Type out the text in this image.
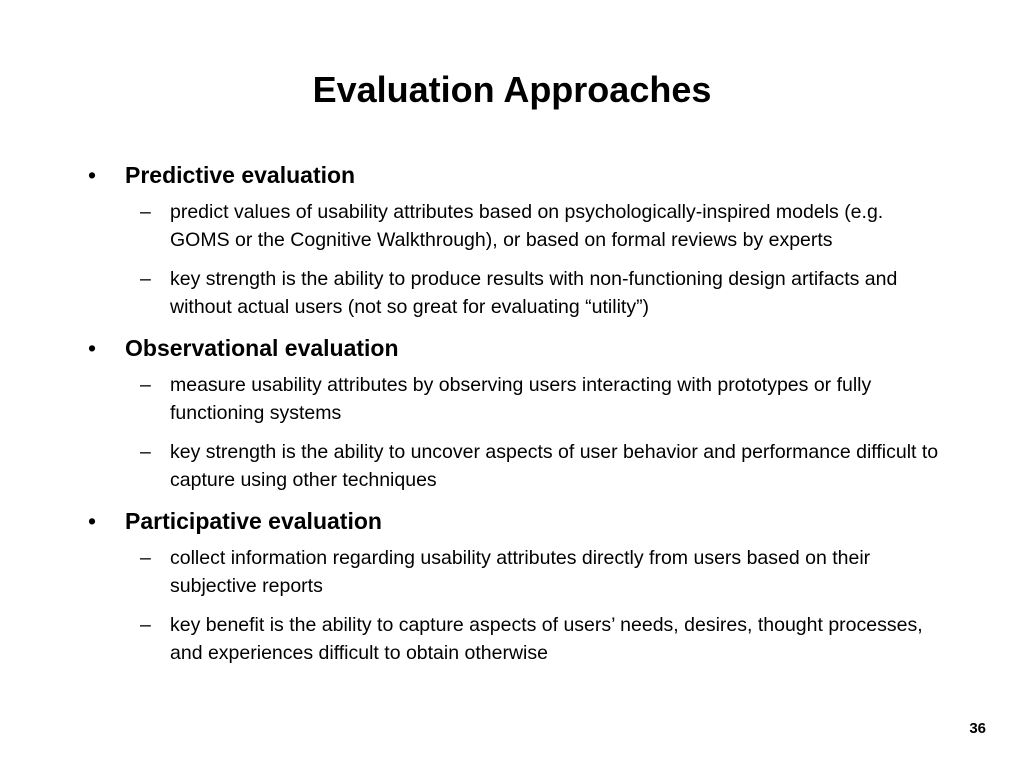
Evaluation Approaches
• Predictive evaluation
– predict values of usability attributes based on psychologically-inspired models (e.g. GOMS or the Cognitive Walkthrough), or based on formal reviews by experts
– key strength is the ability to produce results with non-functioning design artifacts and without actual users (not so great for evaluating “utility”)
• Observational evaluation
– measure usability attributes by observing users interacting with prototypes or fully functioning systems
– key strength is the ability to uncover aspects of user behavior and performance difficult to capture using other techniques
• Participative evaluation
– collect information regarding usability attributes directly from users based on their subjective reports
– key benefit is the ability to capture aspects of users’ needs, desires, thought processes, and experiences difficult to obtain otherwise
36
